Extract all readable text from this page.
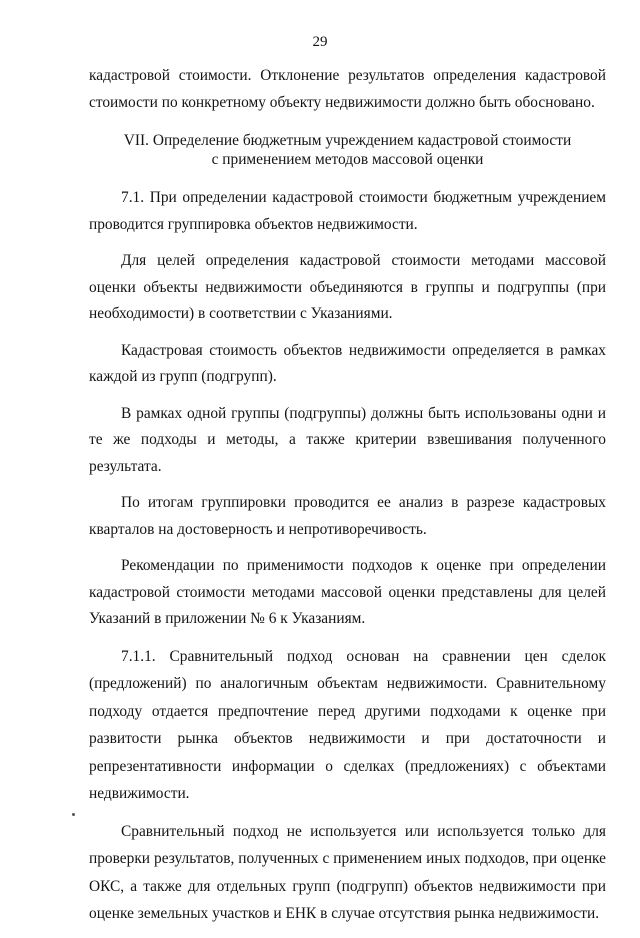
29

кадастровой стоимости. Отклонение результатов определения кадастровой стоимости по конкретному объекту недвижимости должно быть обосновано.

VII. Определение бюджетным учреждением кадастровой стоимости
с применением методов массовой оценки

7.1. При определении кадастровой стоимости бюджетным учреждением проводится группировка объектов недвижимости.

Для целей определения кадастровой стоимости методами массовой оценки объекты недвижимости объединяются в группы и подгруппы (при необходимости) в соответствии с Указаниями.

Кадастровая стоимость объектов недвижимости определяется в рамках каждой из групп (подгрупп).

В рамках одной группы (подгруппы) должны быть использованы одни и те же подходы и методы, а также критерии взвешивания полученного результата.

По итогам группировки проводится ее анализ в разрезе кадастровых кварталов на достоверность и непротиворечивость.

Рекомендации по применимости подходов к оценке при определении кадастровой стоимости методами массовой оценки представлены для целей Указаний в приложении № 6 к Указаниям.

7.1.1. Сравнительный подход основан на сравнении цен сделок (предложений) по аналогичным объектам недвижимости. Сравнительному подходу отдается предпочтение перед другими подходами к оценке при развитости рынка объектов недвижимости и при достаточности и репрезентативности информации о сделках (предложениях) с объектами недвижимости.

Сравнительный подход не используется или используется только для проверки результатов, полученных с применением иных подходов, при оценке ОКС, а также для отдельных групп (подгрупп) объектов недвижимости при оценке земельных участков и ЕНК в случае отсутствия рынка недвижимости.
